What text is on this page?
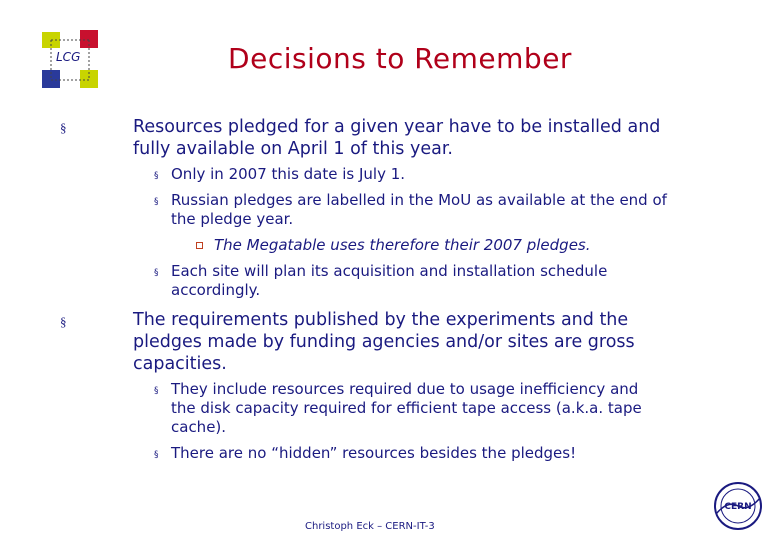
LCG	Decisions to Remember
§	Resources pledged for a given year have to be installed and
fully available on April 1 of this year.
§ Only in 2007 this date is July 1.
§ Russian pledges are labelled in the MoU as available at the end of
the pledge year.
The Megatable uses therefore their 2007 pledges.
§ Each site will plan its acquisition and installation schedule
accordingly.
§	The requirements published by the experiments and the
pledges made by funding agencies and/or sites are gross
capacities.
§ They include resources required due to usage inefficiency and
the disk capacity required for efficient tape access (a.k.a. tape
cache).
§ There are no “hidden” resources besides the pledges!
Christoph Eck – CERN-IT-3
CERN
